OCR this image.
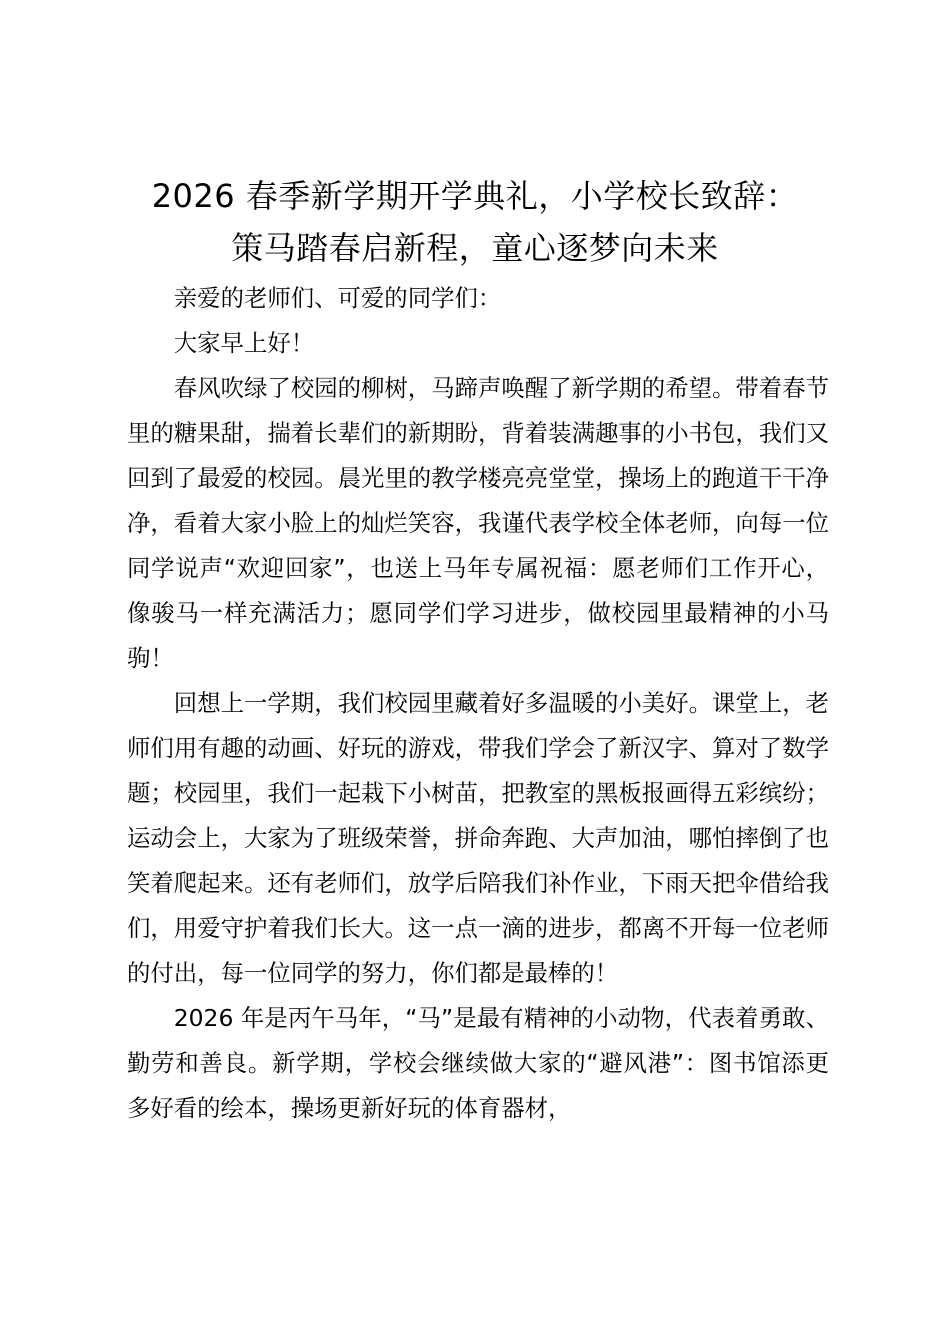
2026 春季新学期开学典礼，小学校长致辞：
策马踏春启新程，童心逐梦向未来

亲爱的老师们、可爱的同学们：

大家早上好！

春风吹绿了校园的柳树，马蹄声唤醒了新学期的希望。带着春节里的糖果甜，揣着长辈们的新期盼，背着装满趣事的小书包，我们又回到了最爱的校园。晨光里的教学楼亮亮堂堂，操场上的跑道干干净净，看着大家小脸上的灿烂笑容，我谨代表学校全体老师，向每一位同学说声“欢迎回家”，也送上马年专属祝福：愿老师们工作开心，像骏马一样充满活力；愿同学们学习进步，做校园里最精神的小马驹！

回想上一学期，我们校园里藏着好多温暖的小美好。课堂上，老师们用有趣的动画、好玩的游戏，带我们学会了新汉字、算对了数学题；校园里，我们一起栽下小树苗，把教室的黑板报画得五彩缤纷；运动会上，大家为了班级荣誉，拼命奔跑、大声加油，哪怕摔倒了也笑着爬起来。还有老师们，放学后陪我们补作业，下雨天把伞借给我们，用爱守护着我们长大。这一点一滴的进步，都离不开每一位老师的付出，每一位同学的努力，你们都是最棒的！

2026 年是丙午马年，“马”是最有精神的小动物，代表着勇敢、勤劳和善良。新学期，学校会继续做大家的“避风港”：图书馆添更多好看的绘本，操场更新好玩的体育器材，
